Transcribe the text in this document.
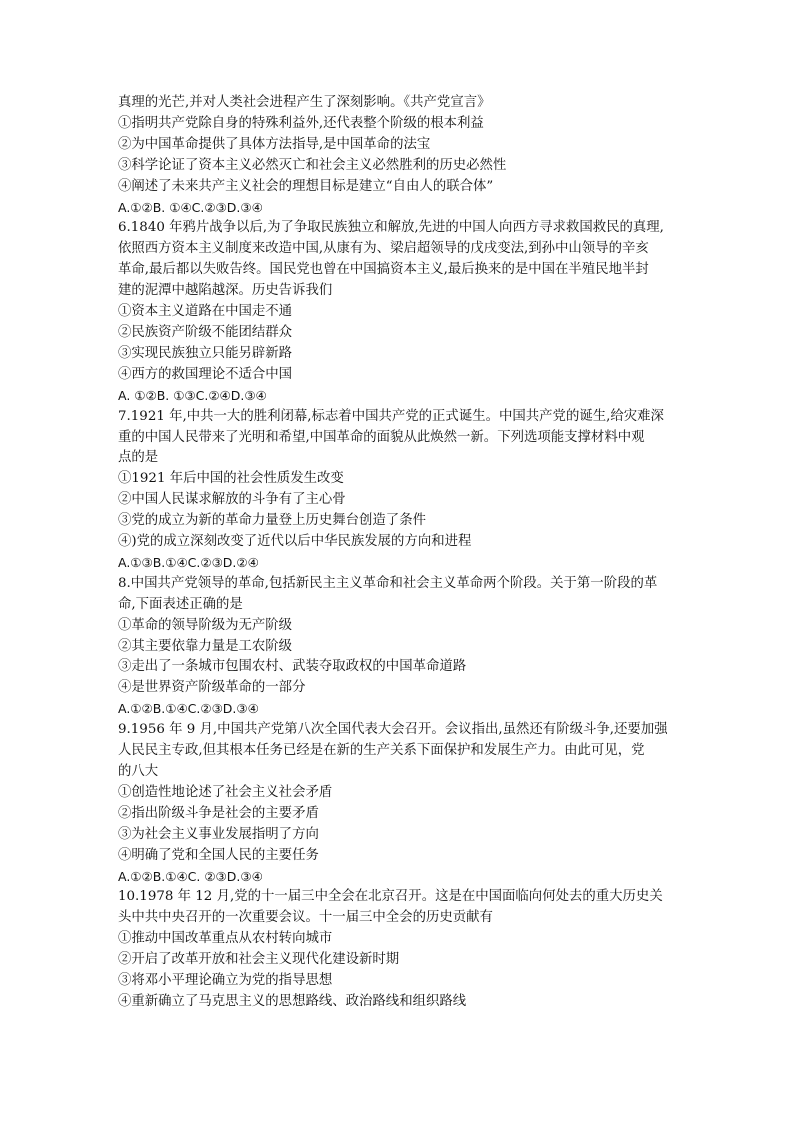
真理的光芒,并对人类社会进程产生了深刻影响。《共产党宣言》
①指明共产党除自身的特殊利益外,还代表整个阶级的根本利益
②为中国革命提供了具体方法指导,是中国革命的法宝
③科学论证了资本主义必然灭亡和社会主义必然胜利的历史必然性
④阐述了未来共产主义社会的理想目标是建立“自由人的联合体”
A.①②B. ①④C.②③D.③④
6.1840 年鸦片战争以后,为了争取民族独立和解放,先进的中国人向西方寻求救国救民的真理,
依照西方资本主义制度来改造中国,从康有为、梁启超领导的戊戌变法,到孙中山领导的辛亥
革命,最后都以失败告终。国民党也曾在中国搞资本主义,最后换来的是中国在半殖民地半封
建的泥潭中越陷越深。历史告诉我们
①资本主义道路在中国走不通
②民族资产阶级不能团结群众
③实现民族独立只能另辟新路
④西方的救国理论不适合中国
A. ①②B. ①③C.②④D.③④
7.1921 年,中共一大的胜利闭幕,标志着中国共产党的正式诞生。中国共产党的诞生,给灾难深
重的中国人民带来了光明和希望,中国革命的面貌从此焕然一新。下列选项能支撑材料中观
点的是
①1921 年后中国的社会性质发生改变
②中国人民谋求解放的斗争有了主心骨
③党的成立为新的革命力量登上历史舞台创造了条件
④)党的成立深刻改变了近代以后中华民族发展的方向和进程
A.①③B.①④C.②③D.②④
8.中国共产党领导的革命,包括新民主主义革命和社会主义革命两个阶段。关于第一阶段的革
命,下面表述正确的是
①革命的领导阶级为无产阶级
②其主要依靠力量是工农阶级
③走出了一条城市包围农村、武装夺取政权的中国革命道路
④是世界资产阶级革命的一部分
A.①②B.①④C.②③D.③④
9.1956 年 9 月,中国共产党第八次全国代表大会召开。会议指出,虽然还有阶级斗争,还要加强
人民民主专政,但其根本任务已经是在新的生产关系下面保护和发展生产力。由此可见，党
的八大
①创造性地论述了社会主义社会矛盾
②指出阶级斗争是社会的主要矛盾
③为社会主义事业发展指明了方向
④明确了党和全国人民的主要任务
A.①②B.①④C. ②③D.③④
10.1978 年 12 月,党的十一届三中全会在北京召开。这是在中国面临向何处去的重大历史关
头中共中央召开的一次重要会议。十一届三中全会的历史贡献有
①推动中国改革重点从农村转向城市
②开启了改革开放和社会主义现代化建设新时期
③将邓小平理论确立为党的指导思想
④重新确立了马克思主义的思想路线、政治路线和组织路线
